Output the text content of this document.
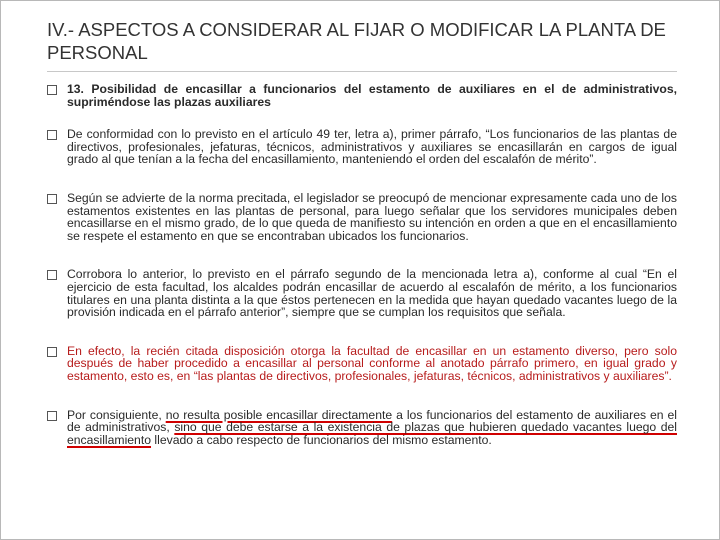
IV.- ASPECTOS A CONSIDERAR AL FIJAR O MODIFICAR LA PLANTA DE PERSONAL
13. Posibilidad de encasillar a funcionarios del estamento de auxiliares en el de administrativos, supriméndose las plazas auxiliares
De conformidad con lo previsto en el artículo 49 ter, letra a), primer párrafo, “Los funcionarios de las plantas de directivos, profesionales, jefaturas, técnicos, administrativos y auxiliares se encasillarán en cargos de igual grado al que tenían a la fecha del encasillamiento, manteniendo el orden del escalafón de mérito”.
Según se advierte de la norma precitada, el legislador se preocupó de mencionar expresamente cada uno de los estamentos existentes en las plantas de personal, para luego señalar que los servidores municipales deben encasillarse en el mismo grado, de lo que queda de manifiesto su intención en orden a que en el encasillamiento se respete el estamento en que se encontraban ubicados los funcionarios.
Corrobora lo anterior, lo previsto en el párrafo segundo de la mencionada letra a), conforme al cual “En el ejercicio de esta facultad, los alcaldes podrán encasillar de acuerdo al escalafón de mérito, a los funcionarios titulares en una planta distinta a la que éstos pertenecen en la medida que hayan quedado vacantes luego de la provisión indicada en el párrafo anterior”, siempre que se cumplan los requisitos que señala.
En efecto, la recién citada disposición otorga la facultad de encasillar en un estamento diverso, pero solo después de haber procedido a encasillar al personal conforme al anotado párrafo primero, en igual grado y estamento, esto es, en “las plantas de directivos, profesionales, jefaturas, técnicos, administrativos y auxiliares”.
Por consiguiente, no resulta posible encasillar directamente a los funcionarios del estamento de auxiliares en el de administrativos, sino que debe estarse a la existencia de plazas que hubieren quedado vacantes luego del encasillamiento llevado a cabo respecto de funcionarios del mismo estamento.
